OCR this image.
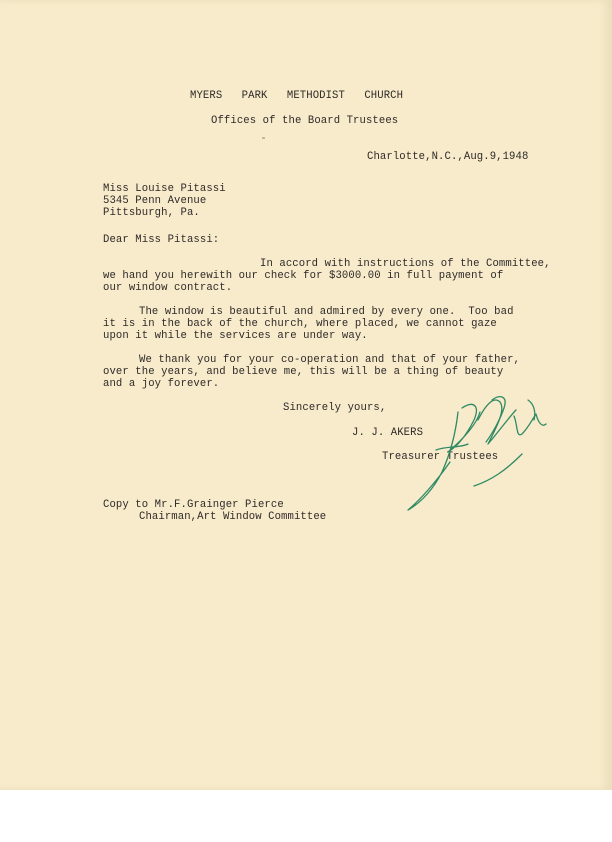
MYERS   PARK   METHODIST   CHURCH

Offices of the Board Trustees

Charlotte,N.C.,Aug.9,1948

Miss Louise Pitassi

5345 Penn Avenue

Pittsburgh, Pa.

Dear Miss Pitassi:

In accord with instructions of the Committee,

we hand you herewith our check for $3000.00 in full payment of

our window contract.

The window is beautiful and admired by every one.  Too bad

it is in the back of the church, where placed, we cannot gaze

upon it while the services are under way.

We thank you for your co-operation and that of your father,

over the years, and believe me, this will be a thing of beauty

and a joy forever.

Sincerely yours,

J. J. AKERS

Treasurer Trustees

Copy to Mr.F.Grainger Pierce

Chairman,Art Window Committee
